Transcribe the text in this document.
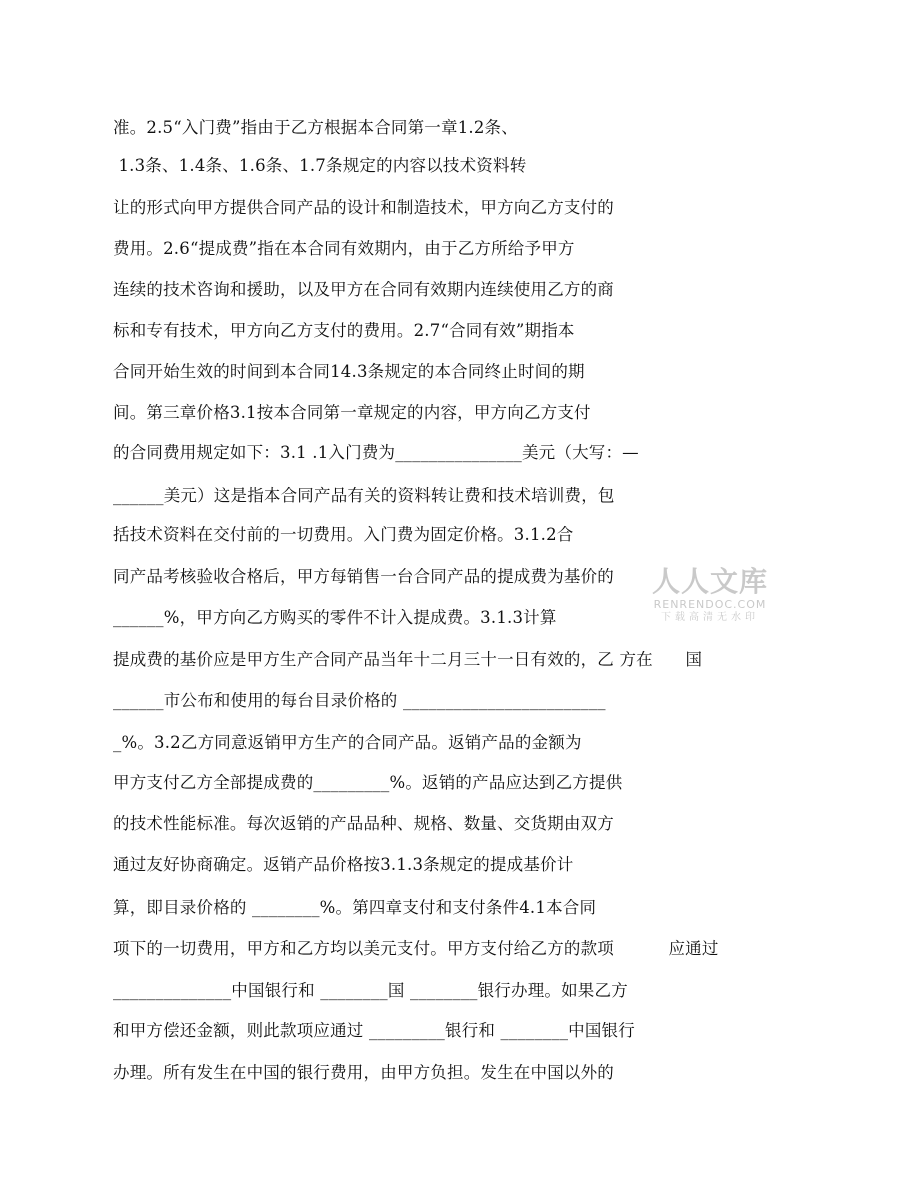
准。2.5“入门费”指由于乙方根据本合同第一章1.2条、
1.3条、1.4条、1.6条、1.7条规定的内容以技术资料转
让的形式向甲方提供合同产品的设计和制造技术，甲方向乙方支付的
费用。2.6“提成费”指在本合同有效期内，由于乙方所给予甲方
连续的技术咨询和援助，以及甲方在合同有效期内连续使用乙方的商
标和专有技术，甲方向乙方支付的费用。2.7“合同有效”期指本
合同开始生效的时间到本合同14.3条规定的本合同终止时间的期
间。第三章价格3.1按本合同第一章规定的内容，甲方向乙方支付
的合同费用规定如下：3.1 .1入门费为_______________美元（大写：—
______美元）这是指本合同产品有关的资料转让费和技术培训费，包
括技术资料在交付前的一切费用。入门费为固定价格。3.1.2合
同产品考核验收合格后，甲方每销售一台合同产品的提成费为基价的
______%，甲方向乙方购买的零件不计入提成费。3.1.3计算
提成费的基价应是甲方生产合同产品当年十二月三十一日有效的，乙 方在      国
______市公布和使用的每台目录价格的 ________________________
_%。3.2乙方同意返销甲方生产的合同产品。返销产品的金额为
甲方支付乙方全部提成费的_________%。返销的产品应达到乙方提供
的技术性能标准。每次返销的产品品种、规格、数量、交货期由双方
通过友好协商确定。返销产品价格按3.1.3条规定的提成基价计
算，即目录价格的 ________%。第四章支付和支付条件4.1本合同
项下的一切费用，甲方和乙方均以美元支付。甲方支付给乙方的款项          应通过
______________中国银行和 ________国 ________银行办理。如果乙方
和甲方偿还金额，则此款项应通过 _________银行和 ________中国银行
办理。所有发生在中国的银行费用，由甲方负担。发生在中国以外的
人人文库
RENRENDOC.COM
下载高清无水印
